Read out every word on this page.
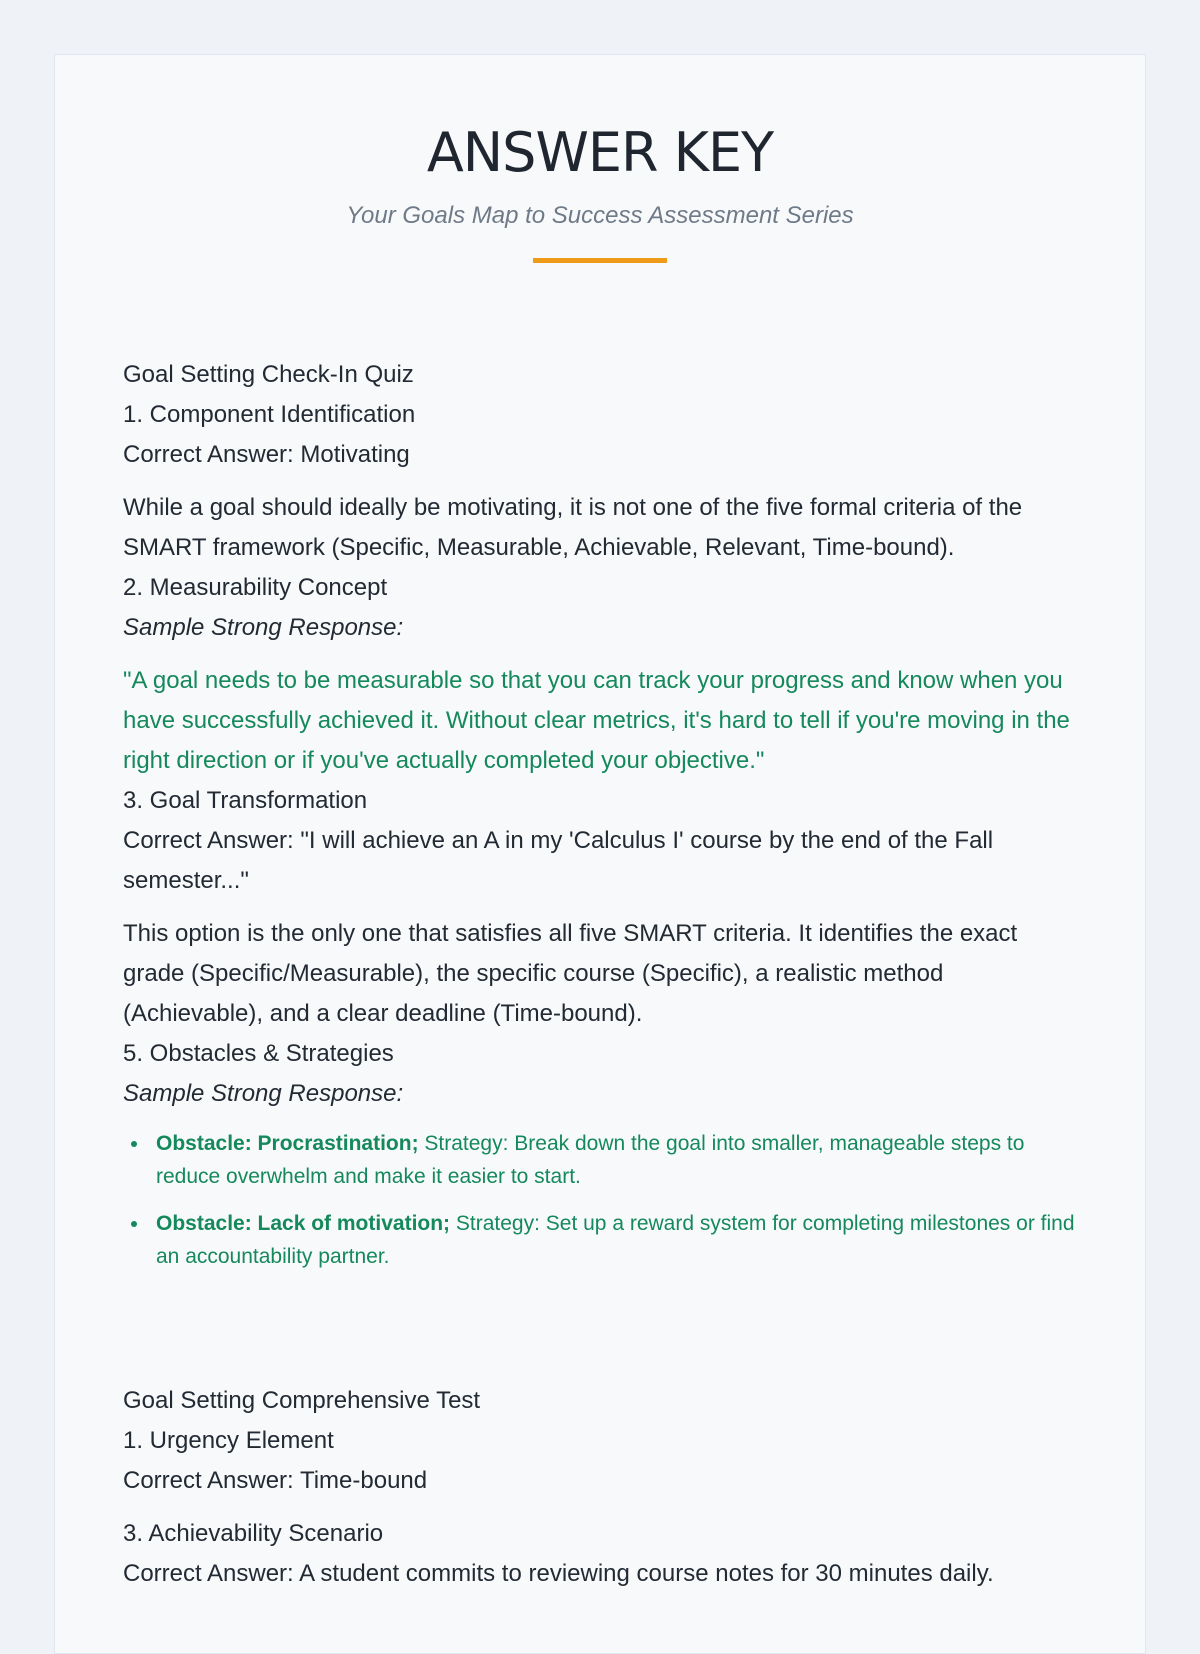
ANSWER KEY
Your Goals Map to Success Assessment Series

Goal Setting Check-In Quiz

1. Component Identification

Correct Answer: Motivating

While a goal should ideally be motivating, it is not one of the five formal criteria of the SMART framework (Specific, Measurable, Achievable, Relevant, Time-bound).

2. Measurability Concept

Sample Strong Response:

"A goal needs to be measurable so that you can track your progress and know when you have successfully achieved it. Without clear metrics, it's hard to tell if you're moving in the right direction or if you've actually completed your objective."

3. Goal Transformation

Correct Answer: "I will achieve an A in my 'Calculus I' course by the end of the Fall semester..."

This option is the only one that satisfies all five SMART criteria. It identifies the exact grade (Specific/Measurable), the specific course (Specific), a realistic method (Achievable), and a clear deadline (Time-bound).

5. Obstacles & Strategies

Sample Strong Response:

Obstacle: Procrastination; Strategy: Break down the goal into smaller, manageable steps to reduce overwhelm and make it easier to start.
Obstacle: Lack of motivation; Strategy: Set up a reward system for completing milestones or find an accountability partner.

Goal Setting Comprehensive Test

1. Urgency Element

Correct Answer: Time-bound

3. Achievability Scenario

Correct Answer: A student commits to reviewing course notes for 30 minutes daily.
